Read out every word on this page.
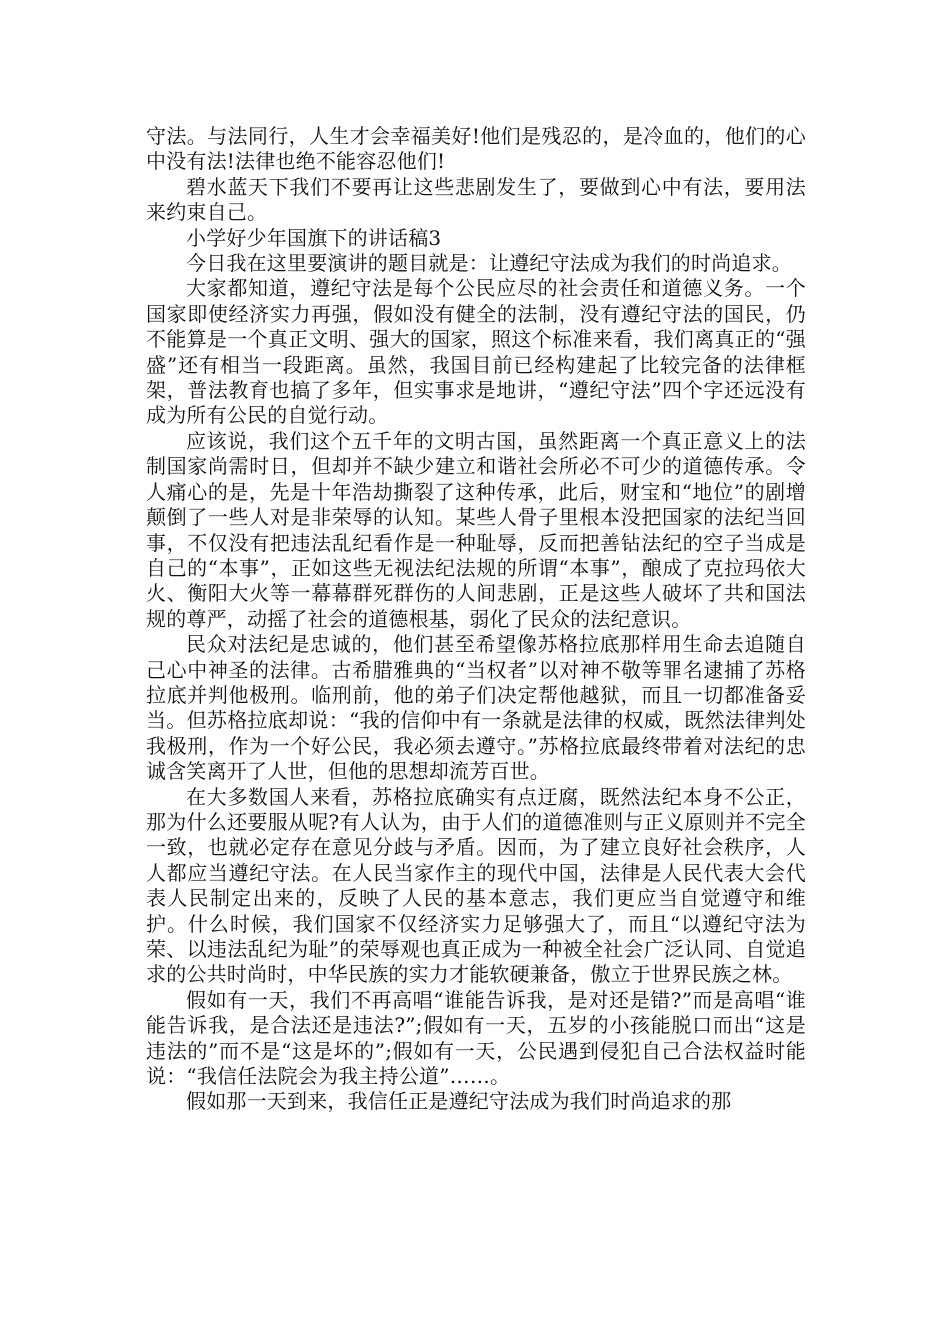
守法。与法同行，人生才会幸福美好!他们是残忍的，是冷血的，他们的心中没有法!法律也绝不能容忍他们!

碧水蓝天下我们不要再让这些悲剧发生了，要做到心中有法，要用法来约束自己。

小学好少年国旗下的讲话稿3

今日我在这里要演讲的题目就是：让遵纪守法成为我们的时尚追求。

大家都知道，遵纪守法是每个公民应尽的社会责任和道德义务。一个国家即使经济实力再强，假如没有健全的法制，没有遵纪守法的国民，仍不能算是一个真正文明、强大的国家，照这个标准来看，我们离真正的“强盛”还有相当一段距离。虽然，我国目前已经构建起了比较完备的法律框架，普法教育也搞了多年，但实事求是地讲，“遵纪守法”四个字还远没有成为所有公民的自觉行动。

应该说，我们这个五千年的文明古国，虽然距离一个真正意义上的法制国家尚需时日，但却并不缺少建立和谐社会所必不可少的道德传承。令人痛心的是，先是十年浩劫撕裂了这种传承，此后，财宝和“地位”的剧增颠倒了一些人对是非荣辱的认知。某些人骨子里根本没把国家的法纪当回事，不仅没有把违法乱纪看作是一种耻辱，反而把善钻法纪的空子当成是自己的“本事”，正如这些无视法纪法规的所谓“本事”，酿成了克拉玛依大火、衡阳大火等一幕幕群死群伤的人间悲剧，正是这些人破坏了共和国法规的尊严，动摇了社会的道德根基，弱化了民众的法纪意识。

民众对法纪是忠诚的，他们甚至希望像苏格拉底那样用生命去追随自己心中神圣的法律。古希腊雅典的“当权者”以对神不敬等罪名逮捕了苏格拉底并判他极刑。临刑前，他的弟子们决定帮他越狱，而且一切都准备妥当。但苏格拉底却说：“我的信仰中有一条就是法律的权威，既然法律判处我极刑，作为一个好公民，我必须去遵守。”苏格拉底最终带着对法纪的忠诚含笑离开了人世，但他的思想却流芳百世。

在大多数国人来看，苏格拉底确实有点迂腐，既然法纪本身不公正，那为什么还要服从呢?有人认为，由于人们的道德准则与正义原则并不完全一致，也就必定存在意见分歧与矛盾。因而，为了建立良好社会秩序，人人都应当遵纪守法。在人民当家作主的现代中国，法律是人民代表大会代表人民制定出来的，反映了人民的基本意志，我们更应当自觉遵守和维护。什么时候，我们国家不仅经济实力足够强大了，而且“以遵纪守法为荣、以违法乱纪为耻”的荣辱观也真正成为一种被全社会广泛认同、自觉追求的公共时尚时，中华民族的实力才能软硬兼备，傲立于世界民族之林。

假如有一天，我们不再高唱“谁能告诉我，是对还是错?”而是高唱“谁能告诉我，是合法还是违法?”;假如有一天，五岁的小孩能脱口而出“这是违法的”而不是“这是坏的”;假如有一天，公民遇到侵犯自己合法权益时能说：“我信任法院会为我主持公道”……。

假如那一天到来，我信任正是遵纪守法成为我们时尚追求的那
